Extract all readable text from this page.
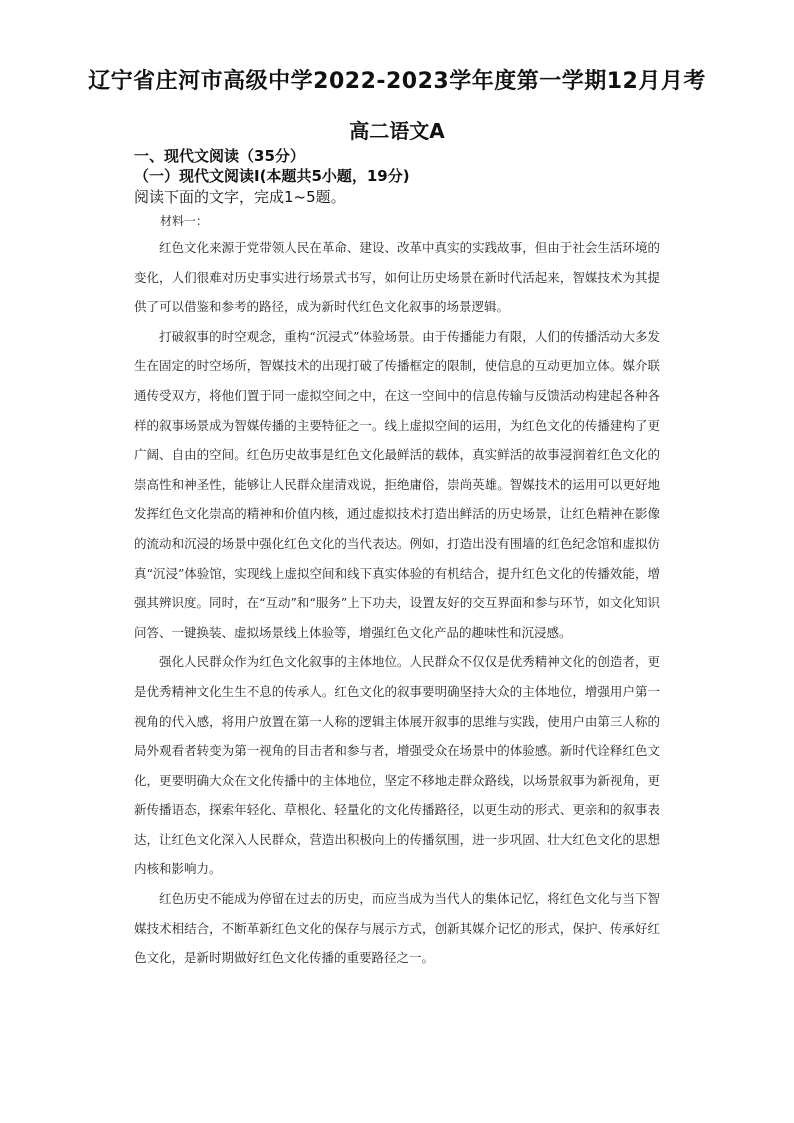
辽宁省庄河市高级中学2022-2023学年度第一学期12月月考
高二语文A
一、现代文阅读（35分）
（一）现代文阅读I(本题共5小题，19分)
阅读下面的文字，完成1~5题。
材料一：

红色文化来源于党带领人民在革命、建设、改革中真实的实践故事，但由于社会生活环境的变化，人们很难对历史事实进行场景式书写，如何让历史场景在新时代活起来，智媒技术为其提供了可以借鉴和参考的路径，成为新时代红色文化叙事的场景逻辑。

打破叙事的时空观念，重构“沉浸式”体验场景。由于传播能力有限，人们的传播活动大多发生在固定的时空场所，智媒技术的出现打破了传播框定的限制，使信息的互动更加立体。媒介联通传受双方，将他们置于同一虚拟空间之中，在这一空间中的信息传输与反馈活动构建起各种各样的叙事场景成为智媒传播的主要特征之一。线上虚拟空间的运用，为红色文化的传播建构了更广阔、自由的空间。红色历史故事是红色文化最鲜活的载体，真实鲜活的故事浸润着红色文化的崇高性和神圣性，能够让人民群众崖清戏说，拒绝庸俗，崇尚英雄。智媒技术的运用可以更好地发挥红色文化崇高的精神和价值内核，通过虚拟技术打造出鲜活的历史场景，让红色精神在影像的流动和沉浸的场景中强化红色文化的当代表达。例如，打造出没有围墙的红色纪念馆和虚拟仿真“沉浸”体验馆，实现线上虚拟空间和线下真实体验的有机结合，提升红色文化的传播效能，增强其辨识度。同时，在“互动”和“服务”上下功夫，设置友好的交互界面和参与环节，如文化知识问答、一键换装、虚拟场景线上体验等，增强红色文化产品的趣味性和沉浸感。

强化人民群众作为红色文化叙事的主体地位。人民群众不仅仅是优秀精神文化的创造者，更是优秀精神文化生生不息的传承人。红色文化的叙事要明确坚持大众的主体地位，增强用户第一视角的代入感，将用户放置在第一人称的逻辑主体展开叙事的思维与实践，使用户由第三人称的局外观看者转变为第一视角的目击者和参与者，增强受众在场景中的体验感。新时代诠释红色文化，更要明确大众在文化传播中的主体地位，坚定不移地走群众路线，以场景叙事为新视角，更新传播语态，探索年轻化、草根化、轻量化的文化传播路径，以更生动的形式、更亲和的叙事表达，让红色文化深入人民群众，营造出积极向上的传播氛围，进一步巩固、壮大红色文化的思想内核和影响力。

红色历史不能成为停留在过去的历史，而应当成为当代人的集体记忆，将红色文化与当下智媒技术相结合，不断革新红色文化的保存与展示方式，创新其媒介记忆的形式，保护、传承好红色文化，是新时期做好红色文化传播的重要路径之一。
